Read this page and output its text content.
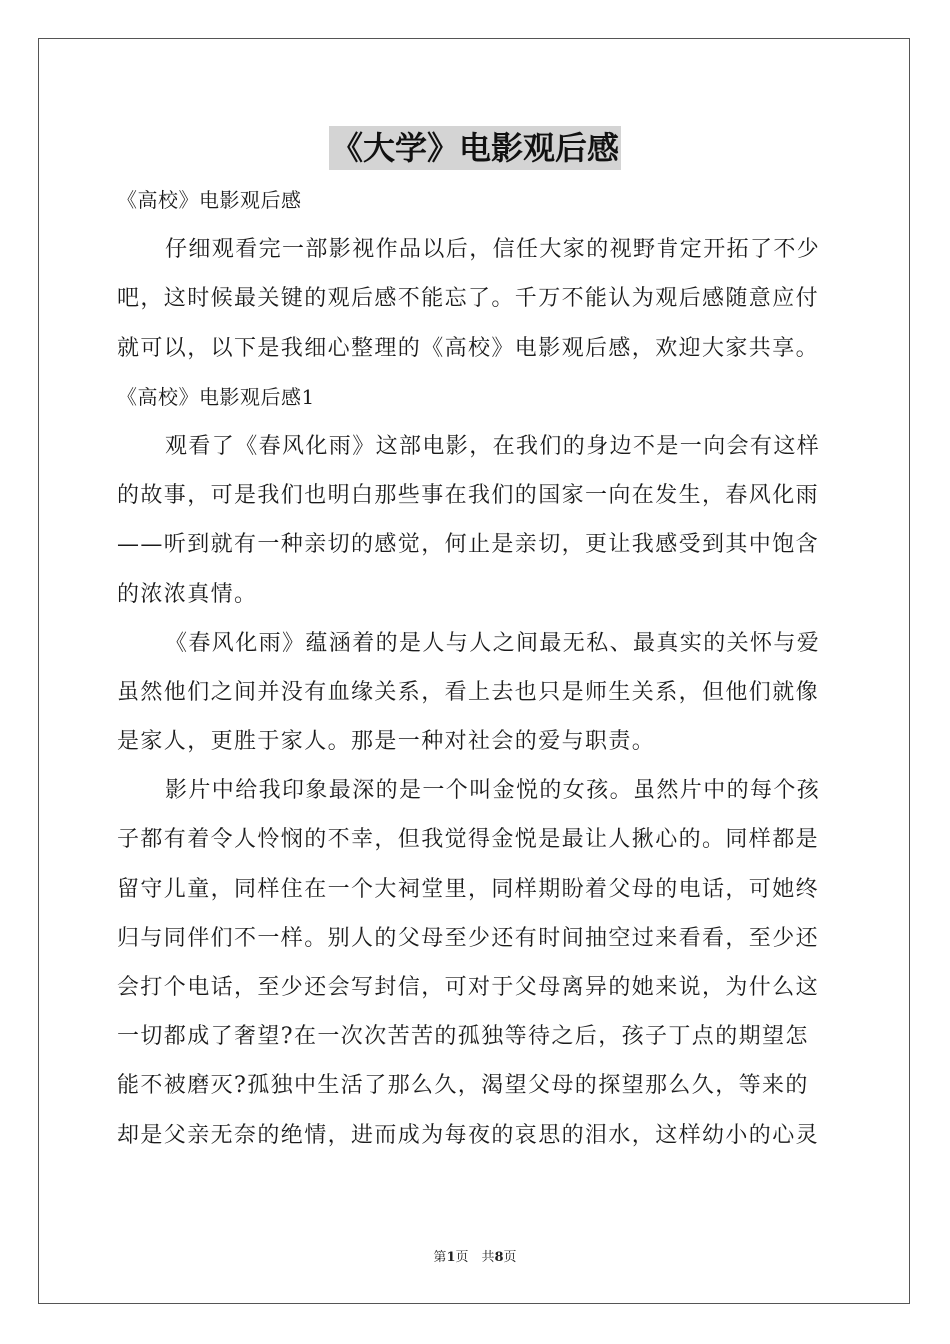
《大学》电影观后感
《高校》电影观后感
仔细观看完一部影视作品以后，信任大家的视野肯定开拓了不少
吧，这时候最关键的观后感不能忘了。千万不能认为观后感随意应付
就可以，以下是我细心整理的《高校》电影观后感，欢迎大家共享。
《高校》电影观后感1
观看了《春风化雨》这部电影，在我们的身边不是一向会有这样
的故事，可是我们也明白那些事在我们的国家一向在发生，春风化雨
——听到就有一种亲切的感觉，何止是亲切，更让我感受到其中饱含
的浓浓真情。
《春风化雨》蕴涵着的是人与人之间最无私、最真实的关怀与爱
虽然他们之间并没有血缘关系，看上去也只是师生关系，但他们就像
是家人，更胜于家人。那是一种对社会的爱与职责。
影片中给我印象最深的是一个叫金悦的女孩。虽然片中的每个孩
子都有着令人怜悯的不幸，但我觉得金悦是最让人揪心的。同样都是
留守儿童，同样住在一个大祠堂里，同样期盼着父母的电话，可她终
归与同伴们不一样。别人的父母至少还有时间抽空过来看看，至少还
会打个电话，至少还会写封信，可对于父母离异的她来说，为什么这
一切都成了奢望?在一次次苦苦的孤独等待之后，孩子丁点的期望怎
能不被磨灭?孤独中生活了那么久，渴望父母的探望那么久，等来的
却是父亲无奈的绝情，进而成为每夜的哀思的泪水，这样幼小的心灵
第1页　共8页
